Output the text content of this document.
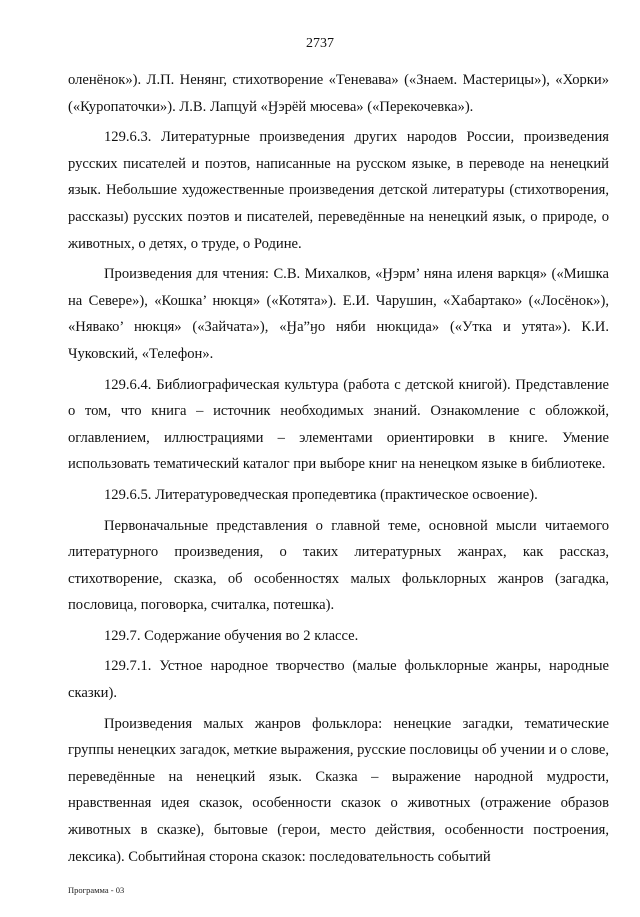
2737

оленёнок»). Л.П. Ненянг, стихотворение «Теневава» («Знаем. Мастерицы»), «Хорки» («Куропаточки»). Л.В. Лапцуй «Ӈэрёй мюсева» («Перекочевка»).

129.6.3. Литературные произведения других народов России, произведения русских писателей и поэтов, написанные на русском языке, в переводе на ненецкий язык. Небольшие художественные произведения детской литературы (стихотворения, рассказы) русских поэтов и писателей, переведённые на ненецкий язык, о природе, о животных, о детях, о труде, о Родине.

Произведения для чтения: С.В. Михалков, «Ӈэрм’ няна иленя варкця» («Мишка на Севере»), «Кошка’ нюкця» («Котята»). Е.И. Чарушин, «Хабартако» («Лосёнок»), «Нявако’ нюкця» («Зайчата»), «Ӈа”ӈо няби нюкцида» («Утка и утята»). К.И. Чуковский, «Телефон».

129.6.4. Библиографическая культура (работа с детской книгой). Представление о том, что книга – источник необходимых знаний. Ознакомление с обложкой, оглавлением, иллюстрациями – элементами ориентировки в книге. Умение использовать тематический каталог при выборе книг на ненецком языке в библиотеке.

129.6.5. Литературоведческая пропедевтика (практическое освоение).

Первоначальные представления о главной теме, основной мысли читаемого литературного произведения, о таких литературных жанрах, как рассказ, стихотворение, сказка, об особенностях малых фольклорных жанров (загадка, пословица, поговорка, считалка, потешка).

129.7. Содержание обучения во 2 классе.

129.7.1. Устное народное творчество (малые фольклорные жанры, народные сказки).

Произведения малых жанров фольклора: ненецкие загадки, тематические группы ненецких загадок, меткие выражения, русские пословицы об учении и о слове, переведённые на ненецкий язык. Сказка – выражение народной мудрости, нравственная идея сказок, особенности сказок о животных (отражение образов животных в сказке), бытовые (герои, место действия, особенности построения, лексика). Событийная сторона сказок: последовательность событий

Программа - 03
